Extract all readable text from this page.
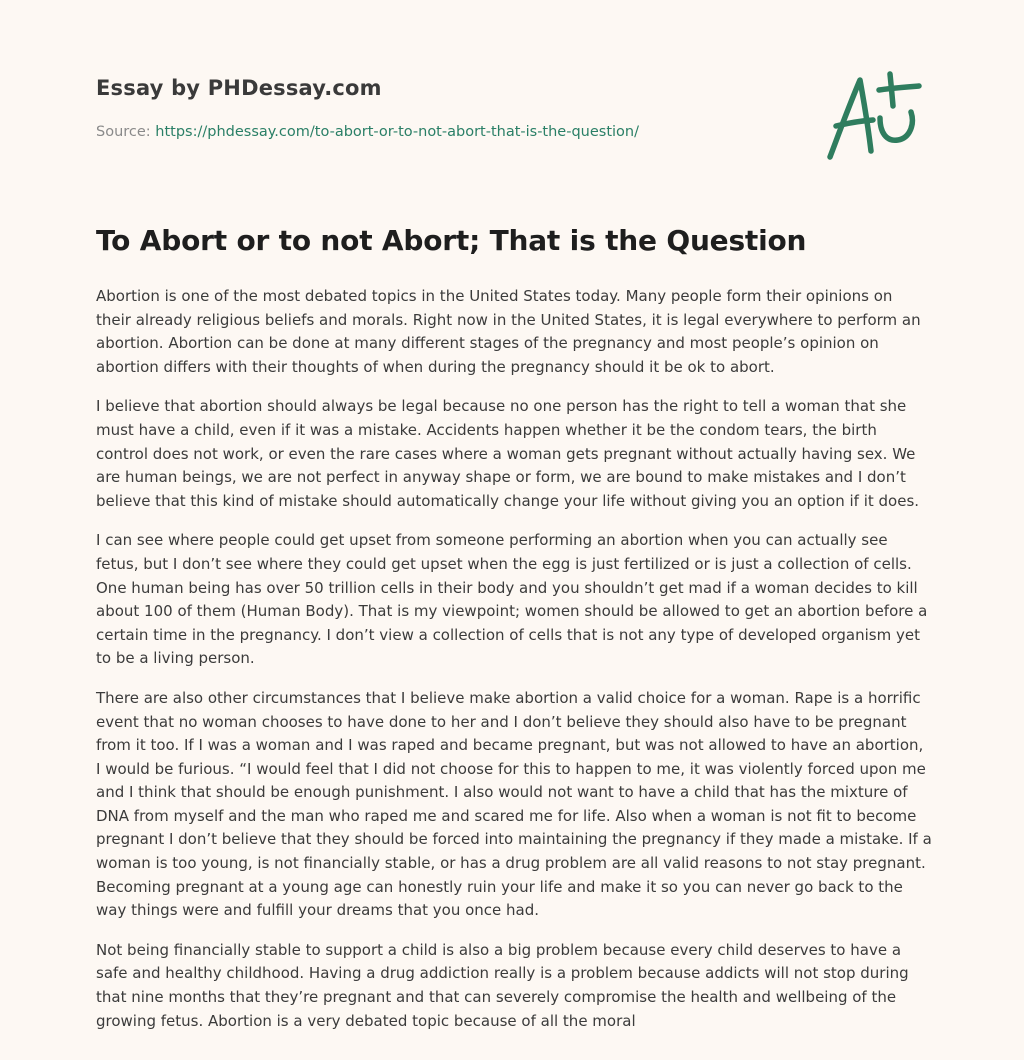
Essay by PHDessay.com
Source: https://phdessay.com/to-abort-or-to-not-abort-that-is-the-question/
To Abort or to not Abort; That is the Question

Abortion is one of the most debated topics in the United States today. Many people form their opinions on their already religious beliefs and morals. Right now in the United States, it is legal everywhere to perform an abortion. Abortion can be done at many different stages of the pregnancy and most people’s opinion on abortion differs with their thoughts of when during the pregnancy should it be ok to abort.

I believe that abortion should always be legal because no one person has the right to tell a woman that she must have a child, even if it was a mistake. Accidents happen whether it be the condom tears, the birth control does not work, or even the rare cases where a woman gets pregnant without actually having sex. We are human beings, we are not perfect in anyway shape or form, we are bound to make mistakes and I don’t believe that this kind of mistake should automatically change your life without giving you an option if it does.

I can see where people could get upset from someone performing an abortion when you can actually see fetus, but I don’t see where they could get upset when the egg is just fertilized or is just a collection of cells. One human being has over 50 trillion cells in their body and you shouldn’t get mad if a woman decides to kill about 100 of them (Human Body). That is my viewpoint; women should be allowed to get an abortion before a certain time in the pregnancy. I don’t view a collection of cells that is not any type of developed organism yet to be a living person.

There are also other circumstances that I believe make abortion a valid choice for a woman. Rape is a horrific event that no woman chooses to have done to her and I don’t believe they should also have to be pregnant from it too. If I was a woman and I was raped and became pregnant, but was not allowed to have an abortion, I would be furious. “I would feel that I did not choose for this to happen to me, it was violently forced upon me and I think that should be enough punishment. I also would not want to have a child that has the mixture of DNA from myself and the man who raped me and scared me for life. Also when a woman is not fit to become pregnant I don’t believe that they should be forced into maintaining the pregnancy if they made a mistake. If a woman is too young, is not financially stable, or has a drug problem are all valid reasons to not stay pregnant. Becoming pregnant at a young age can honestly ruin your life and make it so you can never go back to the way things were and fulfill your dreams that you once had.

Not being financially stable to support a child is also a big problem because every child deserves to have a safe and healthy childhood. Having a drug addiction really is a problem because addicts will not stop during that nine months that they’re pregnant and that can severely compromise the health and wellbeing of the growing fetus. Abortion is a very debated topic because of all the moral
